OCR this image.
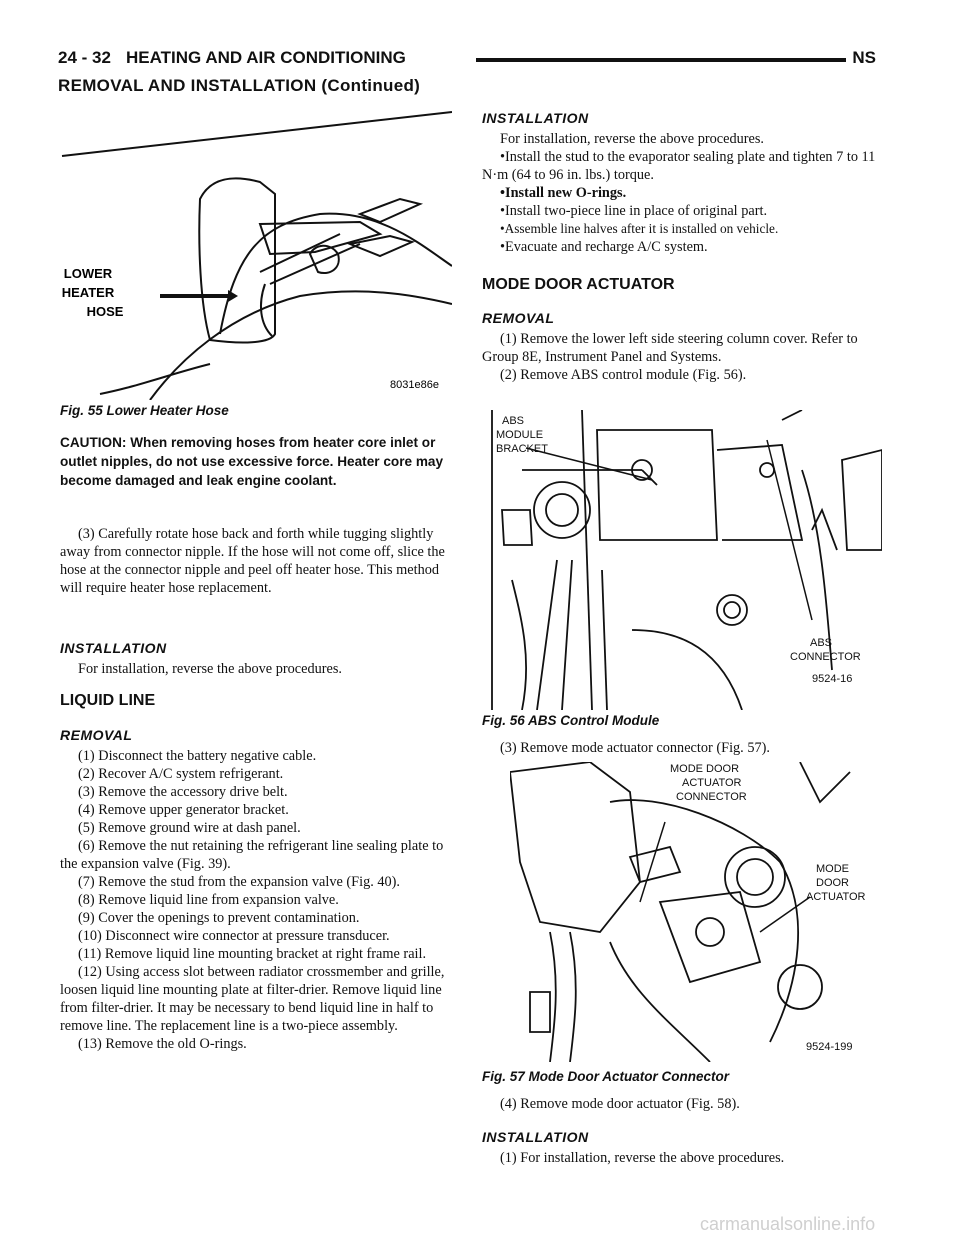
24 - 32 HEATING AND AIR CONDITIONING	NS
REMOVAL AND INSTALLATION (Continued)
LOWER
HEATER
HOSE
8031e86e
Fig. 55 Lower Heater Hose
CAUTION: When removing hoses from heater core inlet or outlet nipples, do not use excessive force. Heater core may become damaged and leak engine coolant.

(3) Carefully rotate hose back and forth while tugging slightly away from connector nipple. If the hose will not come off, slice the hose at the connector nipple and peel off heater hose. This method will require heater hose replacement.

INSTALLATION

For installation, reverse the above procedures.

LIQUID LINE
REMOVAL

(1) Disconnect the battery negative cable.

(2) Recover A/C system refrigerant.

(3) Remove the accessory drive belt.

(4) Remove upper generator bracket.

(5) Remove ground wire at dash panel.

(6) Remove the nut retaining the refrigerant line sealing plate to the expansion valve (Fig. 39).

(7) Remove the stud from the expansion valve (Fig. 40).

(8) Remove liquid line from expansion valve.

(9) Cover the openings to prevent contamination.

(10) Disconnect wire connector at pressure transducer.

(11) Remove liquid line mounting bracket at right frame rail.

(12) Using access slot between radiator crossmember and grille, loosen liquid line mounting plate at filter-drier. Remove liquid line from filter-drier. It may be necessary to bend liquid line in half to remove line. The replacement line is a two-piece assembly.

(13) Remove the old O-rings.

INSTALLATION

For installation, reverse the above procedures.

•Install the stud to the evaporator sealing plate and tighten 7 to 11 N·m (64 to 96 in. lbs.) torque.

•Install new O-rings.

•Install two-piece line in place of original part.

•Assemble line halves after it is installed on vehicle.

•Evacuate and recharge A/C system.

MODE DOOR ACTUATOR
REMOVAL

(1) Remove the lower left side steering column cover. Refer to Group 8E, Instrument Panel and Systems.

(2) Remove ABS control module (Fig. 56).

ABS
MODULE
BRACKET
ABS
CONNECTOR
9524-16
Fig. 56 ABS Control Module

(3) Remove mode actuator connector (Fig. 57).

MODE DOOR
ACTUATOR
CONNECTOR
MODE
DOOR
ACTUATOR
9524-199
Fig. 57 Mode Door Actuator Connector

(4) Remove mode door actuator (Fig. 58).

INSTALLATION

(1) For installation, reverse the above procedures.

carmanualsonline.info
